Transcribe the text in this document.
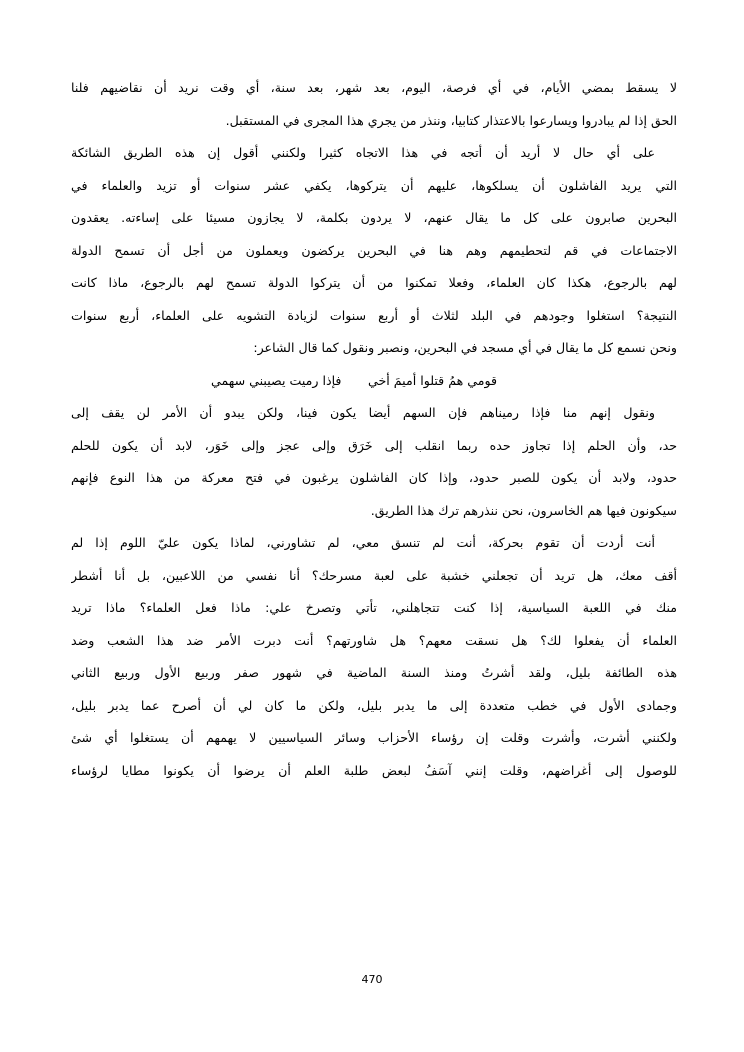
لا يسقط بمضي الأيام، في أي فرصة، اليوم، بعد شهر، بعد سنة، أي وقت نريد أن نقاضيهم فلنا
الحق إذا لم يبادروا ويسارعوا بالاعتذار كتابيا، وننذر من يجري هذا المجرى في المستقبل.
على أي حال لا أريد أن أتجه في هذا الاتجاه كثيرا ولكنني أقول إن هذه الطريق الشائكة
التي يريد الفاشلون أن يسلكوها، عليهم أن يتركوها، يكفي عشر سنوات أو تزيد والعلماء في
البحرين صابرون على كل ما يقال عنهم، لا يردون بكلمة، لا يجازون مسيئا على إساءته. يعقدون
الاجتماعات في قم لتحطيمهم وهم هنا في البحرين يركضون ويعملون من أجل أن تسمح الدولة
لهم بالرجوع، هكذا كان العلماء، وفعلا تمكنوا من أن يتركوا الدولة تسمح لهم بالرجوع، ماذا كانت
النتيجة؟ استغلوا وجودهم في البلد لثلاث أو أربع سنوات لزيادة التشويه على العلماء، أربع سنوات
ونحن نسمع كل ما يقال في أي مسجد في البحرين، ونصبر ونقول كما قال الشاعر:
قومي همُ قتلوا أميمَ أخي
فإذا رميت يصيبني سهمي
ونقول إنهم منا فإذا رميناهم فإن السهم أيضا يكون فينا، ولكن يبدو أن الأمر لن يقف إلى
حد، وأن الحلم إذا تجاوز حده ربما انقلب إلى خَرَق وإلى عجز وإلى خَوَر، لابد أن يكون للحلم
حدود، ولابد أن يكون للصبر حدود، وإذا كان الفاشلون يرغبون في فتح معركة من هذا النوع فإنهم
سيكونون فيها هم الخاسرون، نحن ننذرهم ترك هذا الطريق.
أنت أردت أن تقوم بحركة، أنت لم تنسق معي، لم تشاورني، لماذا يكون عليّ اللوم إذا لم
أقف معك، هل تريد أن تجعلني خشبة على لعبة مسرحك؟ أنا نفسي من اللاعبين، بل أنا أشطر
منك في اللعبة السياسية، إذا كنت تتجاهلني، تأتي وتصرخ علي: ماذا فعل العلماء؟ ماذا تريد
العلماء أن يفعلوا لك؟ هل نسقت معهم؟ هل شاورتهم؟ أنت دبرت الأمر ضد هذا الشعب وضد
هذه الطائفة بليل، ولقد أشرتُ ومنذ السنة الماضية في شهور صفر وربيع الأول وربيع الثاني
وجمادى الأول في خطب متعددة إلى ما يدبر بليل، ولكن ما كان لي أن أصرح عما يدبر بليل،
ولكنني أشرت، وأشرت وقلت إن رؤساء الأحزاب وسائر السياسيين لا يهمهم أن يستغلوا أي شئ
للوصول إلى أغراضهم، وقلت إنني آسَفُ لبعض طلبة العلم أن يرضوا أن يكونوا مطايا لرؤساء
470
